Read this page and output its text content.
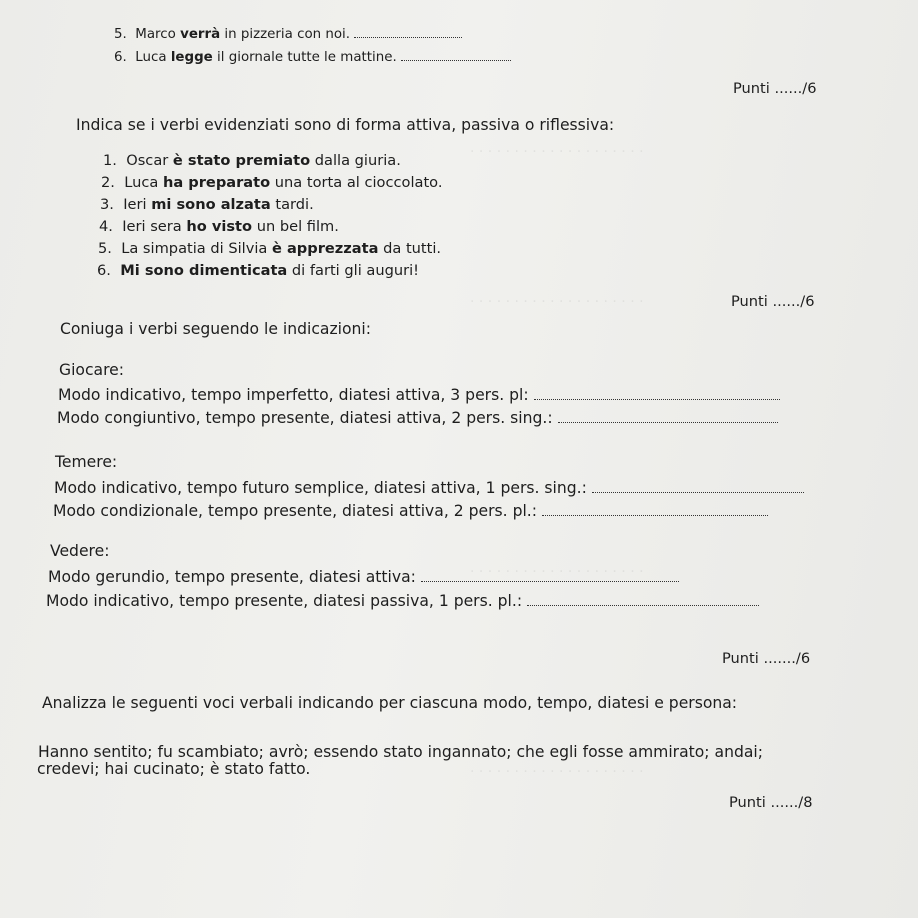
. . . . . . . . . . . . . . . . . . . .
. . . . . . . . . . . . . . . . . . . .
. . . . . . . . . . . . . . . . . . . .
. . . . . . . . . . . . . . . . . . . .
5. Marco verrà in pizzeria con noi.
6. Luca legge il giornale tutte le mattine.
Punti ....../6
Indica se i verbi evidenziati sono di forma attiva, passiva o riflessiva:
1. Oscar è stato premiato dalla giuria.
2. Luca ha preparato una torta al cioccolato.
3. Ieri mi sono alzata tardi.
4. Ieri sera ho visto un bel film.
5. La simpatia di Silvia è apprezzata da tutti.
6. Mi sono dimenticata di farti gli auguri!
Punti ....../6
Coniuga i verbi seguendo le indicazioni:
Giocare:
Modo indicativo, tempo imperfetto, diatesi attiva, 3 pers. pl:
Modo congiuntivo, tempo presente, diatesi attiva, 2 pers. sing.:
Temere:
Modo indicativo, tempo futuro semplice, diatesi attiva, 1 pers. sing.:
Modo condizionale, tempo presente, diatesi attiva, 2 pers. pl.:
Vedere:
Modo gerundio, tempo presente, diatesi attiva:
Modo indicativo, tempo presente, diatesi passiva, 1 pers. pl.:
Punti ......./6
Analizza le seguenti voci verbali indicando per ciascuna modo, tempo, diatesi e persona:
Hanno sentito; fu scambiato; avrò; essendo stato ingannato; che egli fosse ammirato; andai;
credevi; hai cucinato; è stato fatto.
Punti ....../8
